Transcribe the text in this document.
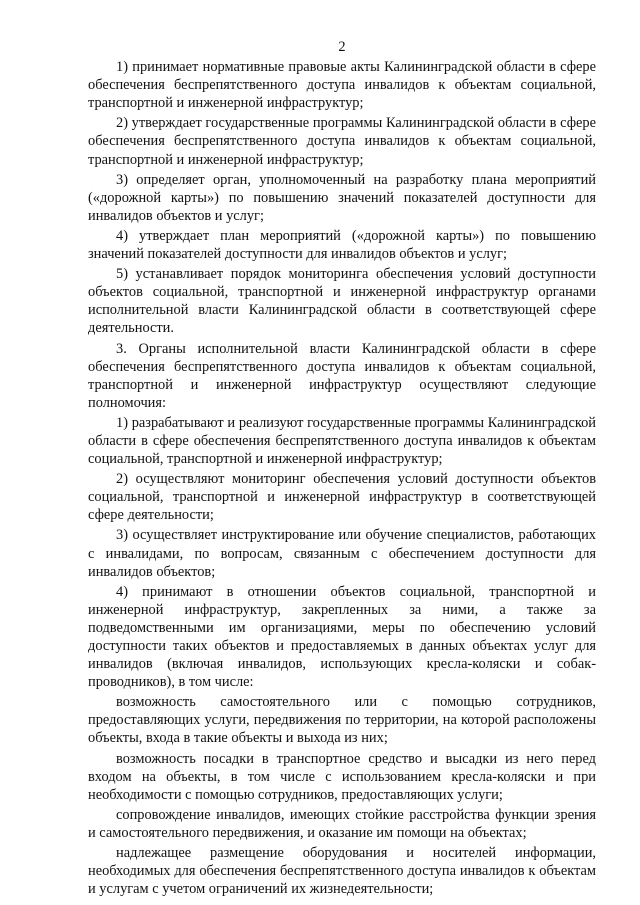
2

1) принимает нормативные правовые акты Калининградской области в сфере обеспечения беспрепятственного доступа инвалидов к объектам социальной, транспортной и инженерной инфраструктур;

2) утверждает государственные программы Калининградской области в сфере обеспечения беспрепятственного доступа инвалидов к объектам социальной, транспортной и инженерной инфраструктур;

3) определяет орган, уполномоченный на разработку плана мероприятий («дорожной карты») по повышению значений показателей доступности для инвалидов объектов и услуг;

4) утверждает план мероприятий («дорожной карты») по повышению значений показателей доступности для инвалидов объектов и услуг;

5) устанавливает порядок мониторинга обеспечения условий доступности объектов социальной, транспортной и инженерной инфраструктур органами исполнительной власти Калининградской области в соответствующей сфере деятельности.

3. Органы исполнительной власти Калининградской области в сфере обеспечения беспрепятственного доступа инвалидов к объектам социальной, транспортной и инженерной инфраструктур осуществляют следующие полномочия:

1) разрабатывают и реализуют государственные программы Калининградской области в сфере обеспечения беспрепятственного доступа инвалидов к объектам социальной, транспортной и инженерной инфраструктур;

2) осуществляют мониторинг обеспечения условий доступности объектов социальной, транспортной и инженерной инфраструктур в соответствующей сфере деятельности;

3) осуществляет инструктирование или обучение специалистов, работающих с инвалидами, по вопросам, связанным с обеспечением доступности для инвалидов объектов;

4) принимают в отношении объектов социальной, транспортной и инженерной инфраструктур, закрепленных за ними, а также за подведомственными им организациями, меры по обеспечению условий доступности таких объектов и предоставляемых в данных объектах услуг для инвалидов (включая инвалидов, использующих кресла-коляски и собак-проводников), в том числе:

возможность самостоятельного или с помощью сотрудников, предоставляющих услуги, передвижения по территории, на которой расположены объекты, входа в такие объекты и выхода из них;

возможность посадки в транспортное средство и высадки из него перед входом на объекты, в том числе с использованием кресла-коляски и при необходимости с помощью сотрудников, предоставляющих услуги;

сопровождение инвалидов, имеющих стойкие расстройства функции зрения и самостоятельного передвижения, и оказание им помощи на объектах;

надлежащее размещение оборудования и носителей информации, необходимых для обеспечения беспрепятственного доступа инвалидов к объектам и услугам с учетом ограничений их жизнедеятельности;
